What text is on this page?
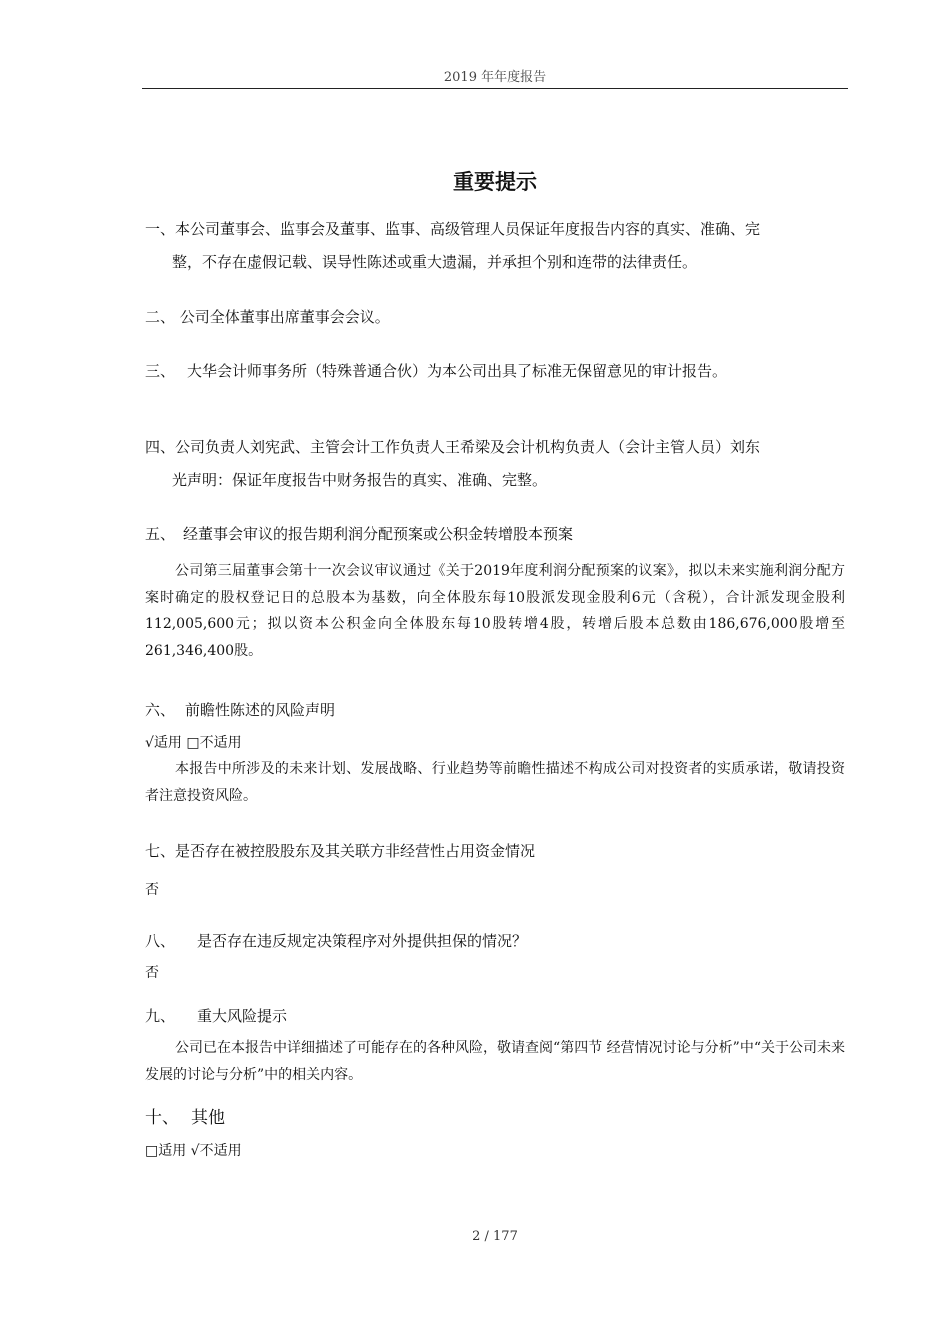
2019 年年度报告
重要提示
一、本公司董事会、监事会及董事、监事、高级管理人员保证年度报告内容的真实、准确、完
整，不存在虚假记载、误导性陈述或重大遗漏，并承担个别和连带的法律责任。
二、 公司全体董事出席董事会会议。
三、 大华会计师事务所（特殊普通合伙）为本公司出具了标准无保留意见的审计报告。
四、公司负责人刘宪武、主管会计工作负责人王希梁及会计机构负责人（会计主管人员）刘东
光声明：保证年度报告中财务报告的真实、准确、完整。
五、 经董事会审议的报告期利润分配预案或公积金转增股本预案
公司第三届董事会第十一次会议审议通过《关于2019年度利润分配预案的议案》，拟以未来实施利润分配方案时确定的股权登记日的总股本为基数，向全体股东每10股派发现金股利6元（含税），合计派发现金股利112,005,600元；拟以资本公积金向全体股东每10股转增4股，转增后股本总数由186,676,000股增至261,346,400股。
六、 前瞻性陈述的风险声明
√适用 □不适用
本报告中所涉及的未来计划、发展战略、行业趋势等前瞻性描述不构成公司对投资者的实质承诺，敬请投资者注意投资风险。
七、是否存在被控股股东及其关联方非经营性占用资金情况
否
八、	是否存在违反规定决策程序对外提供担保的情况？
否
九、	重大风险提示
公司已在本报告中详细描述了可能存在的各种风险，敬请查阅“第四节 经营情况讨论与分析”中“关于公司未来发展的讨论与分析”中的相关内容。
十、 其他
□适用 √不适用
2 / 177
